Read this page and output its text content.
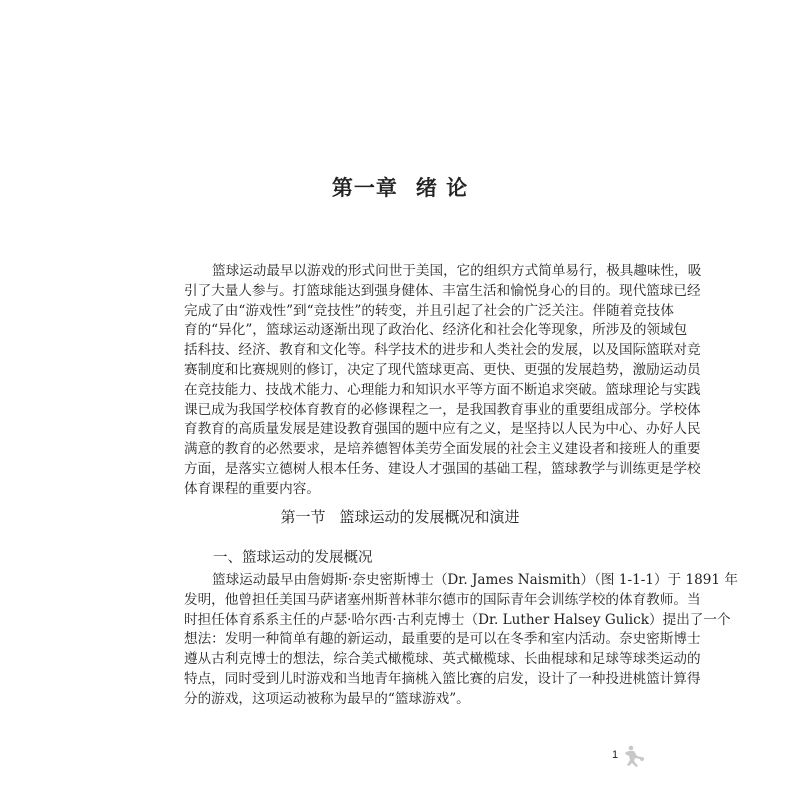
第一章 绪 论
篮球运动最早以游戏的形式问世于美国，它的组织方式简单易行，极具趣味性，吸
引了大量人参与。打篮球能达到强身健体、丰富生活和愉悦身心的目的。现代篮球已经
完成了由“游戏性”到“竞技性”的转变，并且引起了社会的广泛关注。伴随着竞技体
育的“异化”，篮球运动逐渐出现了政治化、经济化和社会化等现象，所涉及的领域包
括科技、经济、教育和文化等。科学技术的进步和人类社会的发展，以及国际篮联对竞
赛制度和比赛规则的修订，决定了现代篮球更高、更快、更强的发展趋势，激励运动员
在竞技能力、技战术能力、心理能力和知识水平等方面不断追求突破。篮球理论与实践
课已成为我国学校体育教育的必修课程之一，是我国教育事业的重要组成部分。学校体
育教育的高质量发展是建设教育强国的题中应有之义，是坚持以人民为中心、办好人民
满意的教育的必然要求，是培养德智体美劳全面发展的社会主义建设者和接班人的重要
方面，是落实立德树人根本任务、建设人才强国的基础工程，篮球教学与训练更是学校
体育课程的重要内容。
第一节 篮球运动的发展概况和演进
一、篮球运动的发展概况
篮球运动最早由詹姆斯·奈史密斯博士（Dr. James Naismith）（图 1-1-1）于 1891 年
发明，他曾担任美国马萨诸塞州斯普林菲尔德市的国际青年会训练学校的体育教师。当
时担任体育系系主任的卢瑟·哈尔西·古利克博士（Dr. Luther Halsey Gulick）提出了一个
想法：发明一种简单有趣的新运动，最重要的是可以在冬季和室内活动。奈史密斯博士
遵从古利克博士的想法，综合美式橄榄球、英式橄榄球、长曲棍球和足球等球类运动的
特点，同时受到儿时游戏和当地青年摘桃入篮比赛的启发，设计了一种投进桃篮计算得
分的游戏，这项运动被称为最早的“篮球游戏”。
1
